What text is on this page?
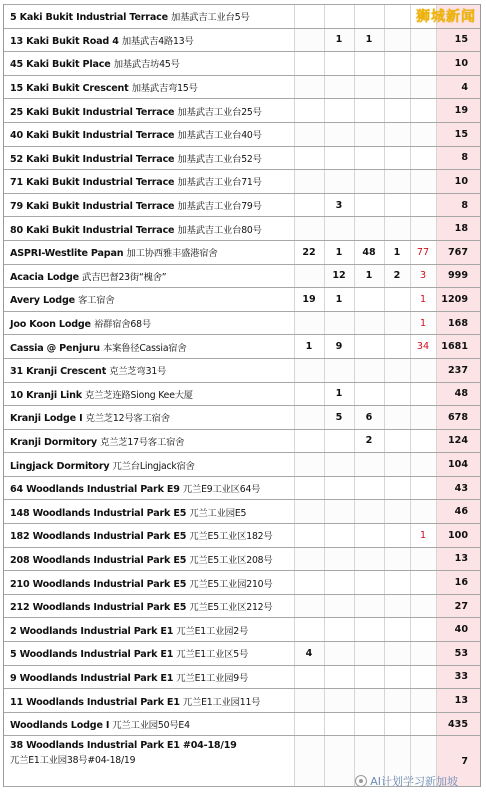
5 Kaki Bukit Industrial Terrace 加基武吉工业台5号						
13 Kaki Bukit Road 4 加基武吉4路13号		1	1			15
45 Kaki Bukit Place 加基武吉坊45号						10
15 Kaki Bukit Crescent 加基武吉弯15号						4
25 Kaki Bukit Industrial Terrace 加基武吉工业台25号						19
40 Kaki Bukit Industrial Terrace 加基武吉工业台40号						15
52 Kaki Bukit Industrial Terrace 加基武吉工业台52号						8
71 Kaki Bukit Industrial Terrace 加基武吉工业台71号						10
79 Kaki Bukit Industrial Terrace 加基武吉工业台79号		3				8
80 Kaki Bukit Industrial Terrace 加基武吉工业台80号						18
ASPRI-Westlite Papan 加工协西雅丰盛港宿舍	22	1	48	1	77	767
Acacia Lodge 武吉巴督23街“槐舍”		12	1	2	3	999
Avery Lodge 客工宿舍	19	1			1	1209
Joo Koon Lodge 裕群宿舍68号					1	168
Cassia @ Penjuru 本案鲁径Cassia宿舍	1	9			34	1681
31 Kranji Crescent 克兰芝弯31号						237
10 Kranji Link 克兰芝连路Siong Kee大厦		1				48
Kranji Lodge I 克兰芝12号客工宿舍		5	6			678
Kranji Dormitory 克兰芝17号客工宿舍			2			124
Lingjack Dormitory 兀兰台Lingjack宿舍						104
64 Woodlands Industrial Park E9 兀兰E9工业区64号						43
148 Woodlands Industrial Park E5 兀兰工业园E5						46
182 Woodlands Industrial Park E5 兀兰E5工业区182号					1	100
208 Woodlands Industrial Park E5 兀兰E5工业区208号						13
210 Woodlands Industrial Park E5 兀兰E5工业园210号						16
212 Woodlands Industrial Park E5 兀兰E5工业区212号						27
2 Woodlands Industrial Park E1 兀兰E1工业园2号						40
5 Woodlands Industrial Park E1 兀兰E1工业区5号	4					53
9 Woodlands Industrial Park E1 兀兰E1工业园9号						33
11 Woodlands Industrial Park E1 兀兰E1工业园11号						13
Woodlands Lodge I 兀兰工业园50号E4						435
38 Woodlands Industrial Park E1 #04-18/19
兀兰E1工业园38号#04-18/19						7
狮城新闻
AI计划学习新加坡
